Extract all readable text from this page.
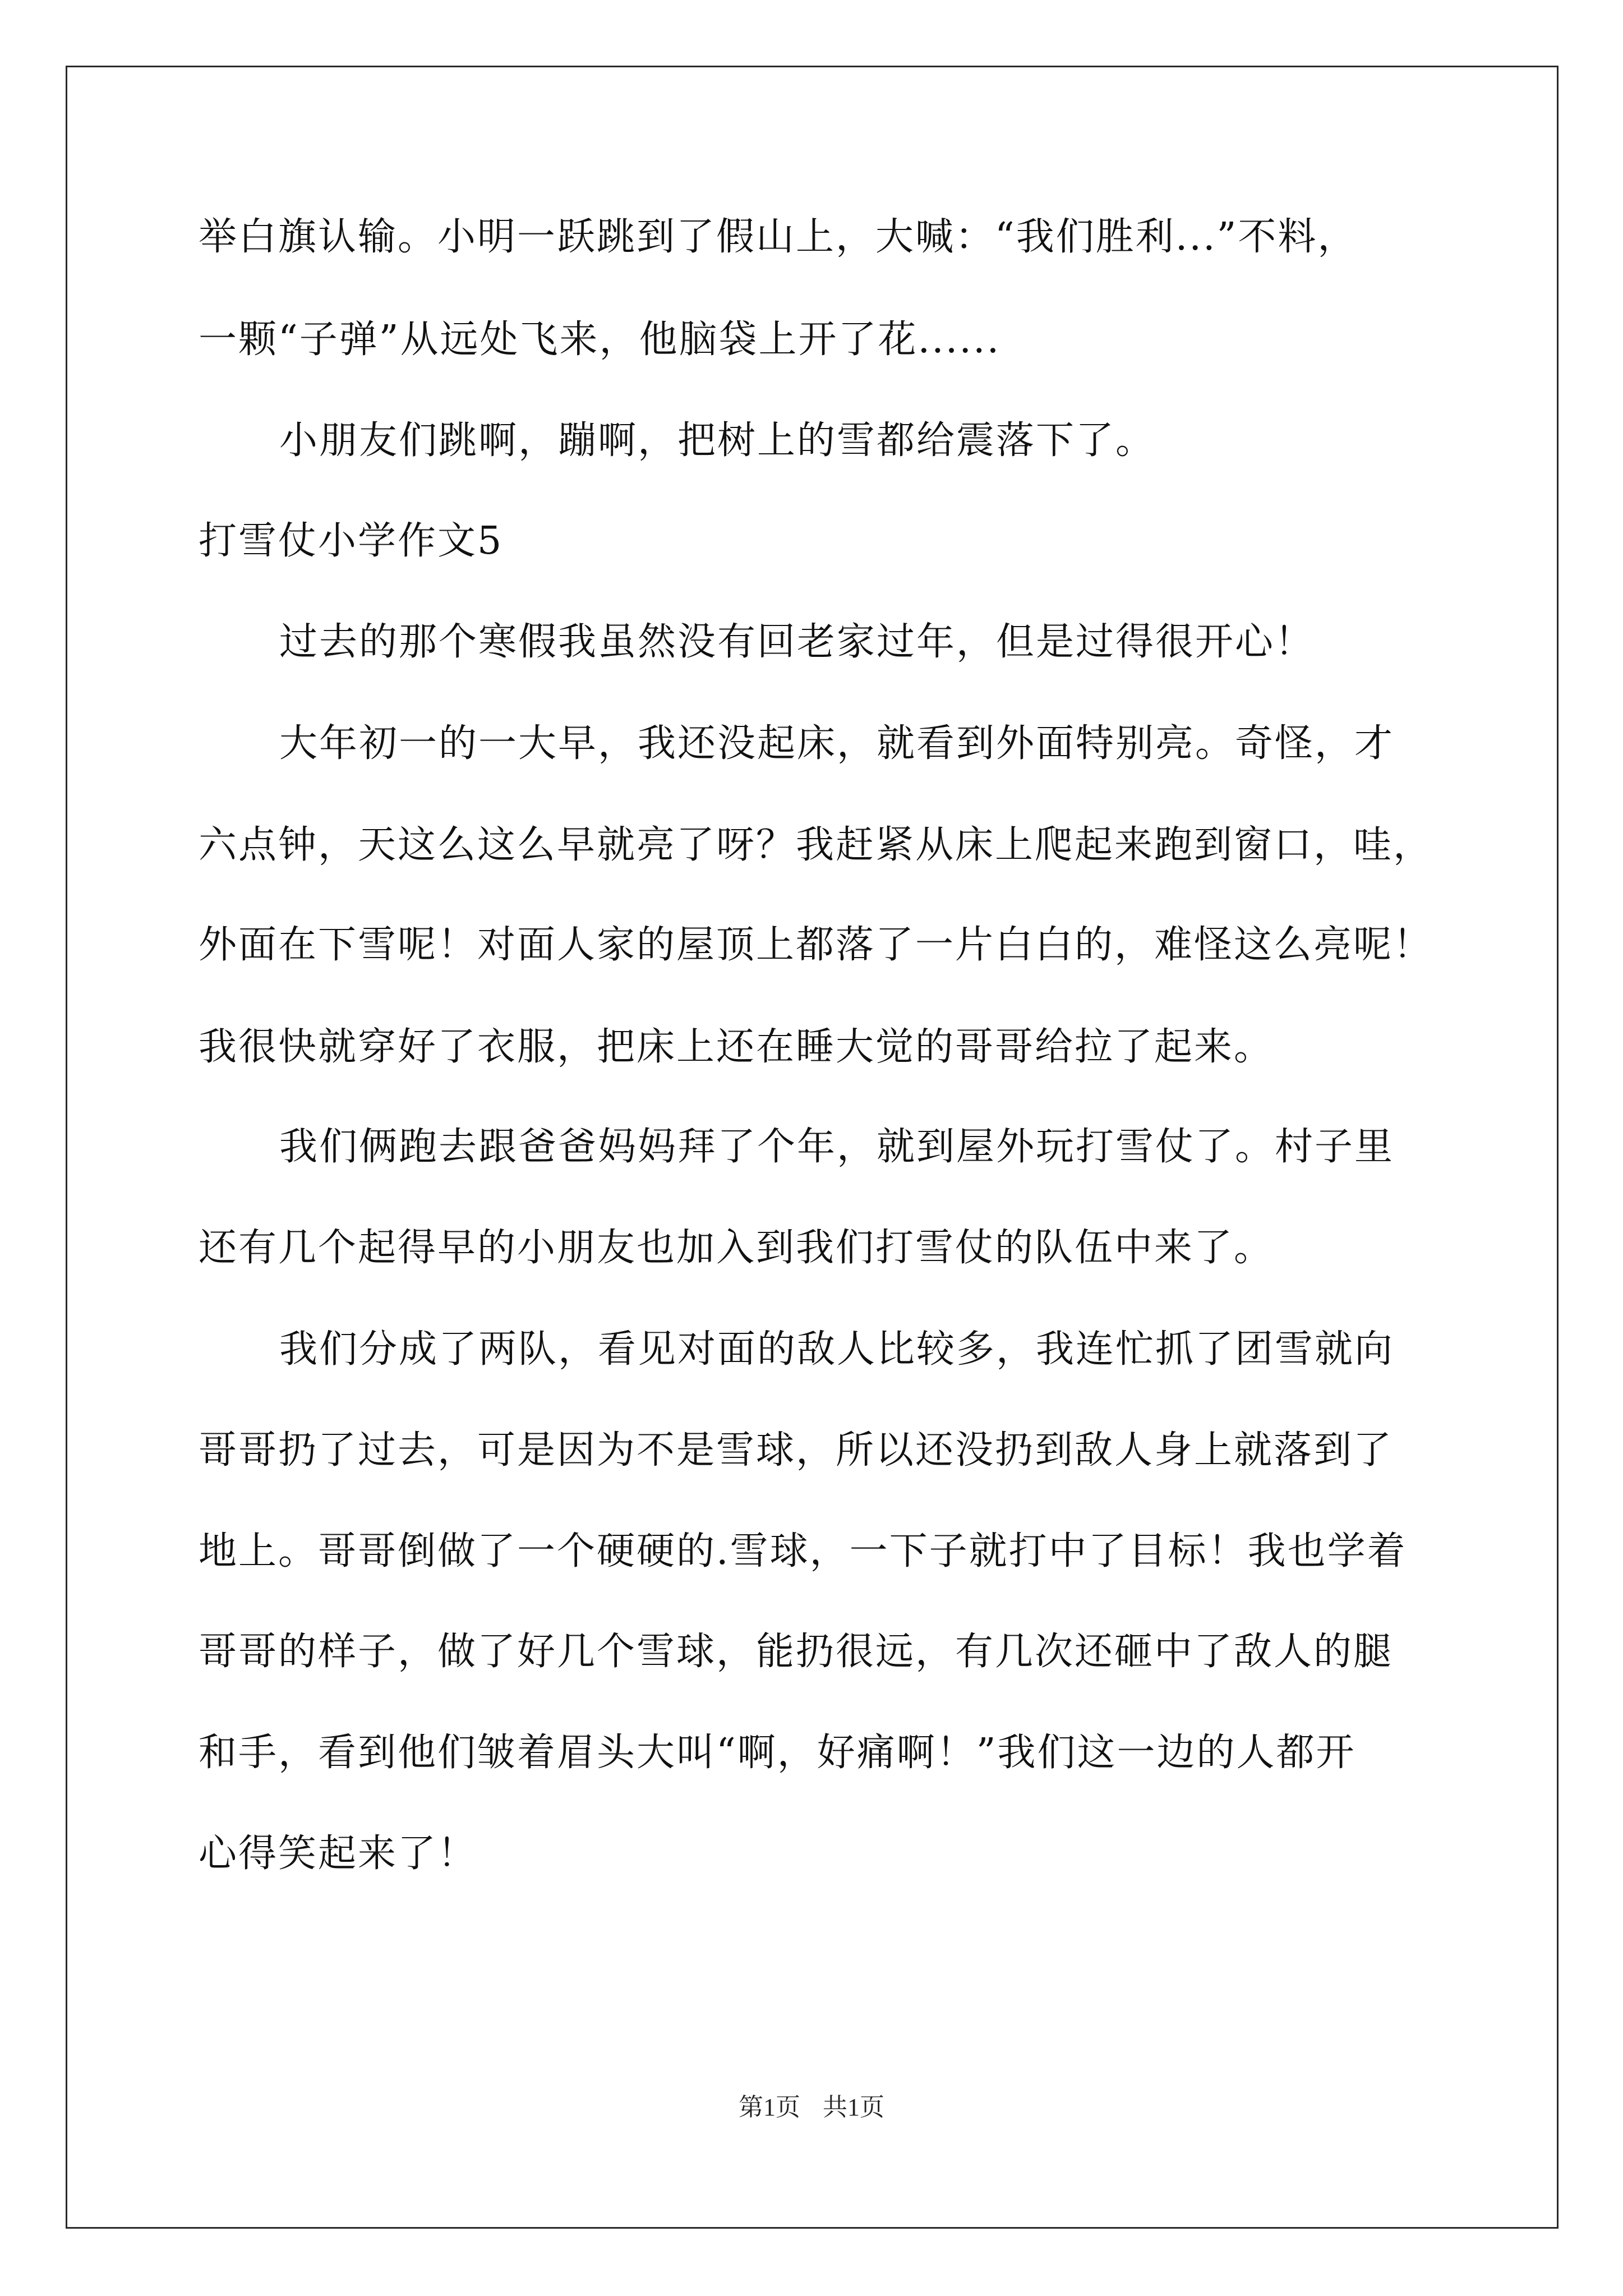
举白旗认输。小明一跃跳到了假山上，大喊：“我们胜利...”不料，
一颗“子弹”从远处飞来，他脑袋上开了花......
小朋友们跳啊，蹦啊，把树上的雪都给震落下了。
打雪仗小学作文5
过去的那个寒假我虽然没有回老家过年，但是过得很开心！
大年初一的一大早，我还没起床，就看到外面特别亮。奇怪，才
六点钟，天这么这么早就亮了呀？我赶紧从床上爬起来跑到窗口，哇，
外面在下雪呢！对面人家的屋顶上都落了一片白白的，难怪这么亮呢！
我很快就穿好了衣服，把床上还在睡大觉的哥哥给拉了起来。
我们俩跑去跟爸爸妈妈拜了个年，就到屋外玩打雪仗了。村子里
还有几个起得早的小朋友也加入到我们打雪仗的队伍中来了。
我们分成了两队，看见对面的敌人比较多，我连忙抓了团雪就向
哥哥扔了过去，可是因为不是雪球，所以还没扔到敌人身上就落到了
地上。哥哥倒做了一个硬硬的.雪球，一下子就打中了目标！我也学着
哥哥的样子，做了好几个雪球，能扔很远，有几次还砸中了敌人的腿
和手，看到他们皱着眉头大叫“啊，好痛啊！”我们这一边的人都开
心得笑起来了！
第1页 共1页
